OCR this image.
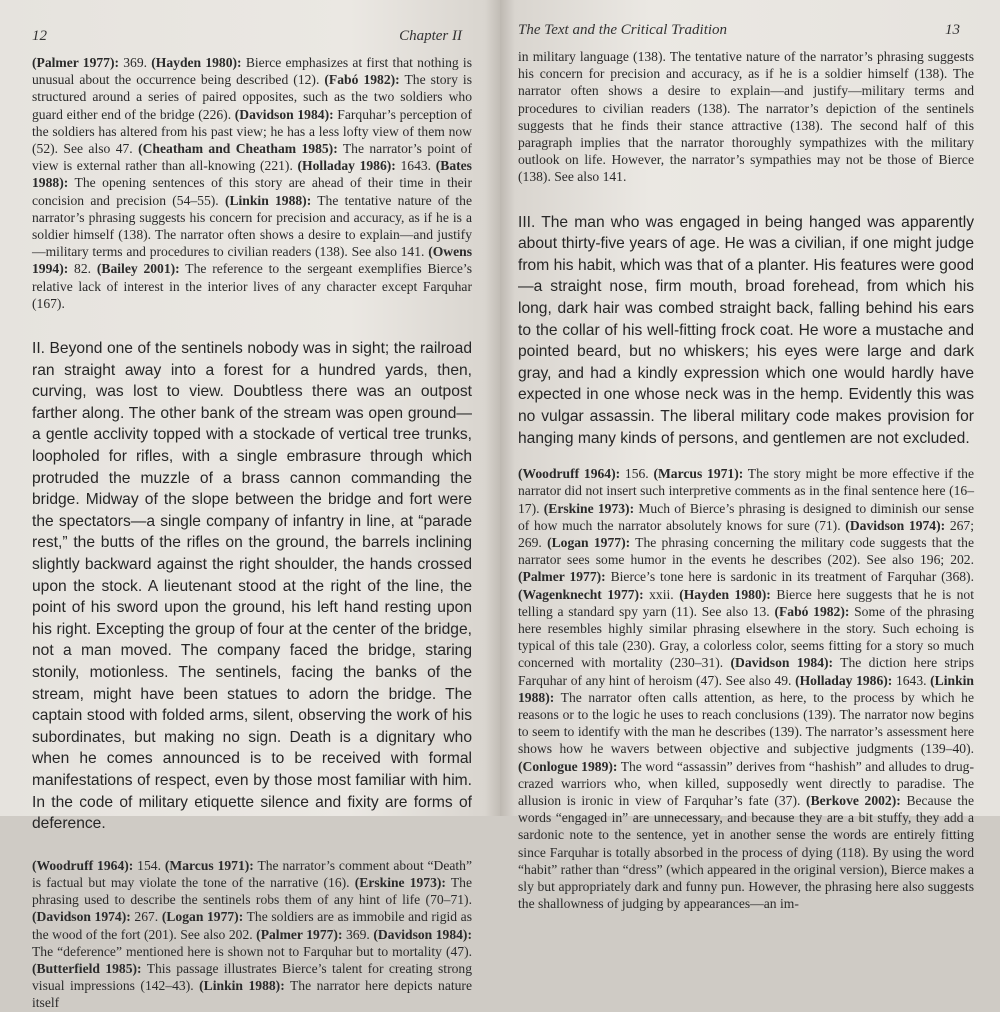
12	Chapter II

(Palmer 1977): 369. (Hayden 1980): Bierce emphasizes at first that nothing is unusual about the occurrence being described (12). (Fabó 1982): The story is structured around a series of paired opposites, such as the two soldiers who guard either end of the bridge (226). (Davidson 1984): Farquhar’s perception of the soldiers has altered from his past view; he has a less lofty view of them now (52). See also 47. (Cheatham and Cheatham 1985): The narrator’s point of view is external rather than all-knowing (221). (Holladay 1986): 1643. (Bates 1988): The opening sentences of this story are ahead of their time in their concision and precision (54–55). (Linkin 1988): The tentative nature of the narrator’s phrasing suggests his concern for precision and accuracy, as if he is a soldier himself (138). The narrator often shows a desire to explain—and justify—military terms and procedures to civilian readers (138). See also 141. (Owens 1994): 82. (Bailey 2001): The reference to the sergeant exemplifies Bierce’s relative lack of interest in the interior lives of any character except Farquhar (167).

II. Beyond one of the sentinels nobody was in sight; the railroad ran straight away into a forest for a hundred yards, then, curving, was lost to view. Doubtless there was an outpost farther along. The other bank of the stream was open ground—a gentle acclivity topped with a stockade of vertical tree trunks, loopholed for rifles, with a single embrasure through which protruded the muzzle of a brass cannon commanding the bridge. Midway of the slope between the bridge and fort were the spectators—a single company of infantry in line, at “parade rest,” the butts of the rifles on the ground, the barrels inclining slightly backward against the right shoulder, the hands crossed upon the stock. A lieutenant stood at the right of the line, the point of his sword upon the ground, his left hand resting upon his right. Excepting the group of four at the center of the bridge, not a man moved. The company faced the bridge, staring stonily, motionless. The sentinels, facing the banks of the stream, might have been statues to adorn the bridge. The captain stood with folded arms, silent, observing the work of his subordinates, but making no sign. Death is a dignitary who when he comes announced is to be received with formal manifestations of respect, even by those most familiar with him. In the code of military etiquette silence and fixity are forms of deference.

(Woodruff 1964): 154. (Marcus 1971): The narrator’s comment about “Death” is factual but may violate the tone of the narrative (16). (Erskine 1973): The phrasing used to describe the sentinels robs them of any hint of life (70–71). (Davidson 1974): 267. (Logan 1977): The soldiers are as immobile and rigid as the wood of the fort (201). See also 202. (Palmer 1977): 369. (Davidson 1984): The “deference” mentioned here is shown not to Farquhar but to mortality (47). (Butterfield 1985): This passage illustrates Bierce’s talent for creating strong visual impressions (142–43). (Linkin 1988): The narrator here depicts nature itself

The Text and the Critical Tradition	13

in military language (138). The tentative nature of the narrator’s phrasing suggests his concern for precision and accuracy, as if he is a soldier himself (138). The narrator often shows a desire to explain—and justify—military terms and procedures to civilian readers (138). The narrator’s depiction of the sentinels suggests that he finds their stance attractive (138). The second half of this paragraph implies that the narrator thoroughly sympathizes with the military outlook on life. However, the narrator’s sympathies may not be those of Bierce (138). See also 141.

III. The man who was engaged in being hanged was apparently about thirty-five years of age. He was a civilian, if one might judge from his habit, which was that of a planter. His features were good—a straight nose, firm mouth, broad forehead, from which his long, dark hair was combed straight back, falling behind his ears to the collar of his well-fitting frock coat. He wore a mustache and pointed beard, but no whiskers; his eyes were large and dark gray, and had a kindly expression which one would hardly have expected in one whose neck was in the hemp. Evidently this was no vulgar assassin. The liberal military code makes provision for hanging many kinds of persons, and gentlemen are not excluded.

(Woodruff 1964): 156. (Marcus 1971): The story might be more effective if the narrator did not insert such interpretive comments as in the final sentence here (16–17). (Erskine 1973): Much of Bierce’s phrasing is designed to diminish our sense of how much the narrator absolutely knows for sure (71). (Davidson 1974): 267; 269. (Logan 1977): The phrasing concerning the military code suggests that the narrator sees some humor in the events he describes (202). See also 196; 202. (Palmer 1977): Bierce’s tone here is sardonic in its treatment of Farquhar (368). (Wagenknecht 1977): xxii. (Hayden 1980): Bierce here suggests that he is not telling a standard spy yarn (11). See also 13. (Fabó 1982): Some of the phrasing here resembles highly similar phrasing elsewhere in the story. Such echoing is typical of this tale (230). Gray, a colorless color, seems fitting for a story so much concerned with mortality (230–31). (Davidson 1984): The diction here strips Farquhar of any hint of heroism (47). See also 49. (Holladay 1986): 1643. (Linkin 1988): The narrator often calls attention, as here, to the process by which he reasons or to the logic he uses to reach conclusions (139). The narrator now begins to seem to identify with the man he describes (139). The narrator’s assessment here shows how he wavers between objective and subjective judgments (139–40). (Conlogue 1989): The word “assassin” derives from “hashish” and alludes to drug-crazed warriors who, when killed, supposedly went directly to paradise. The allusion is ironic in view of Farquhar’s fate (37). (Berkove 2002): Because the words “engaged in” are unnecessary, and because they are a bit stuffy, they add a sardonic note to the sentence, yet in another sense the words are entirely fitting since Farquhar is totally absorbed in the process of dying (118). By using the word “habit” rather than “dress” (which appeared in the original version), Bierce makes a sly but appropriately dark and funny pun. However, the phrasing here also suggests the shallowness of judging by appearances—an im-
